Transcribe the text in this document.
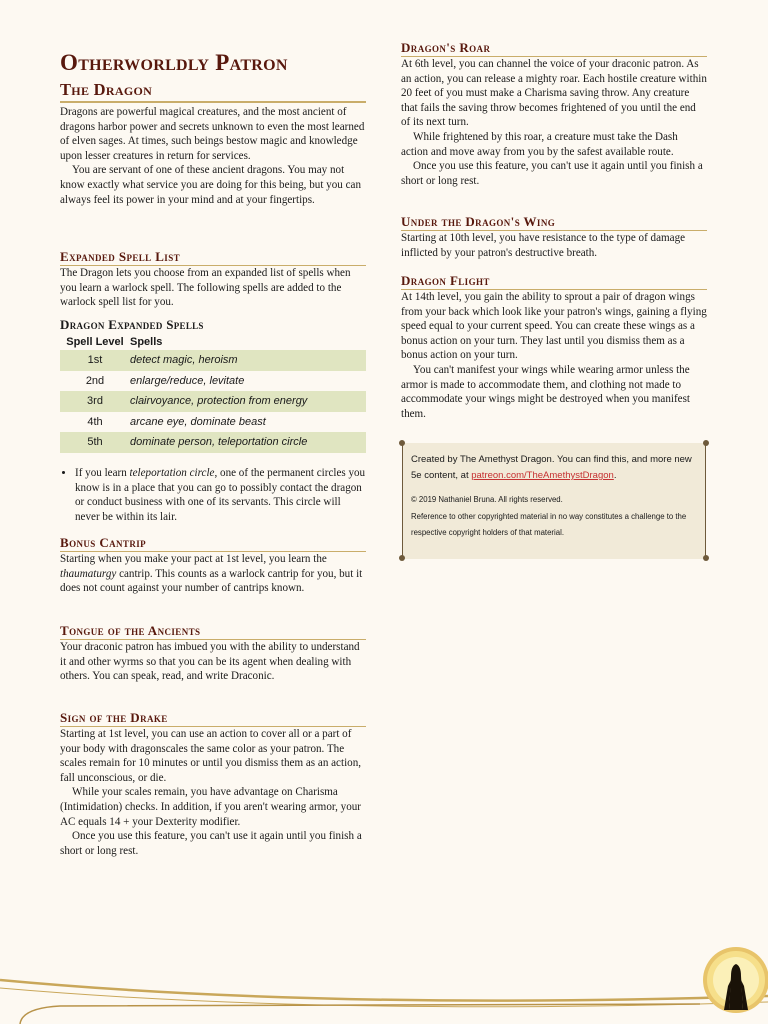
Otherworldly Patron
The Dragon

Dragons are powerful magical creatures, and the most ancient of dragons harbor power and secrets unknown to even the most learned of elven sages. At times, such beings bestow magic and knowledge upon lesser creatures in return for services.

You are servant of one of these ancient dragons. You may not know exactly what service you are doing for this being, but you can always feel its power in your mind and at your fingertips.

Expanded Spell List

The Dragon lets you choose from an expanded list of spells when you learn a warlock spell. The following spells are added to the warlock spell list for you.

Dragon Expanded Spells
Spell Level	Spells
1st	detect magic, heroism
2nd	enlarge/reduce, levitate
3rd	clairvoyance, protection from energy
4th	arcane eye, dominate beast
5th	dominate person, teleportation circle
• If you learn teleportation circle, one of the permanent circles you know is in a place that you can go to possibly contact the dragon or conduct business with one of its servants. This circle will never be within its lair.
Bonus Cantrip

Starting when you make your pact at 1st level, you learn the thaumaturgy cantrip. This counts as a warlock cantrip for you, but it does not count against your number of cantrips known.

Tongue of the Ancients

Your draconic patron has imbued you with the ability to understand it and other wyrms so that you can be its agent when dealing with others. You can speak, read, and write Draconic.

Sign of the Drake

Starting at 1st level, you can use an action to cover all or a part of your body with dragonscales the same color as your patron. The scales remain for 10 minutes or until you dismiss them as an action, fall unconscious, or die.

While your scales remain, you have advantage on Charisma (Intimidation) checks. In addition, if you aren't wearing armor, your AC equals 14 + your Dexterity modifier.

Once you use this feature, you can't use it again until you finish a short or long rest.

Dragon's Roar

At 6th level, you can channel the voice of your draconic patron. As an action, you can release a mighty roar. Each hostile creature within 20 feet of you must make a Charisma saving throw. Any creature that fails the saving throw becomes frightened of you until the end of its next turn.

While frightened by this roar, a creature must take the Dash action and move away from you by the safest available route.

Once you use this feature, you can't use it again until you finish a short or long rest.

Under the Dragon's Wing

Starting at 10th level, you have resistance to the type of damage inflicted by your patron's destructive breath.

Dragon Flight

At 14th level, you gain the ability to sprout a pair of dragon wings from your back which look like your patron's wings, gaining a flying speed equal to your current speed. You can create these wings as a bonus action on your turn. They last until you dismiss them as a bonus action on your turn.

You can't manifest your wings while wearing armor unless the armor is made to accommodate them, and clothing not made to accommodate your wings might be destroyed when you manifest them.

Created by The Amethyst Dragon. You can find this, and more new 5e content, at patreon.com/TheAmethystDragon.
© 2019 Nathaniel Bruna. All rights reserved.
Reference to other copyrighted material in no way constitutes a challenge to the respective copyright holders of that material.
